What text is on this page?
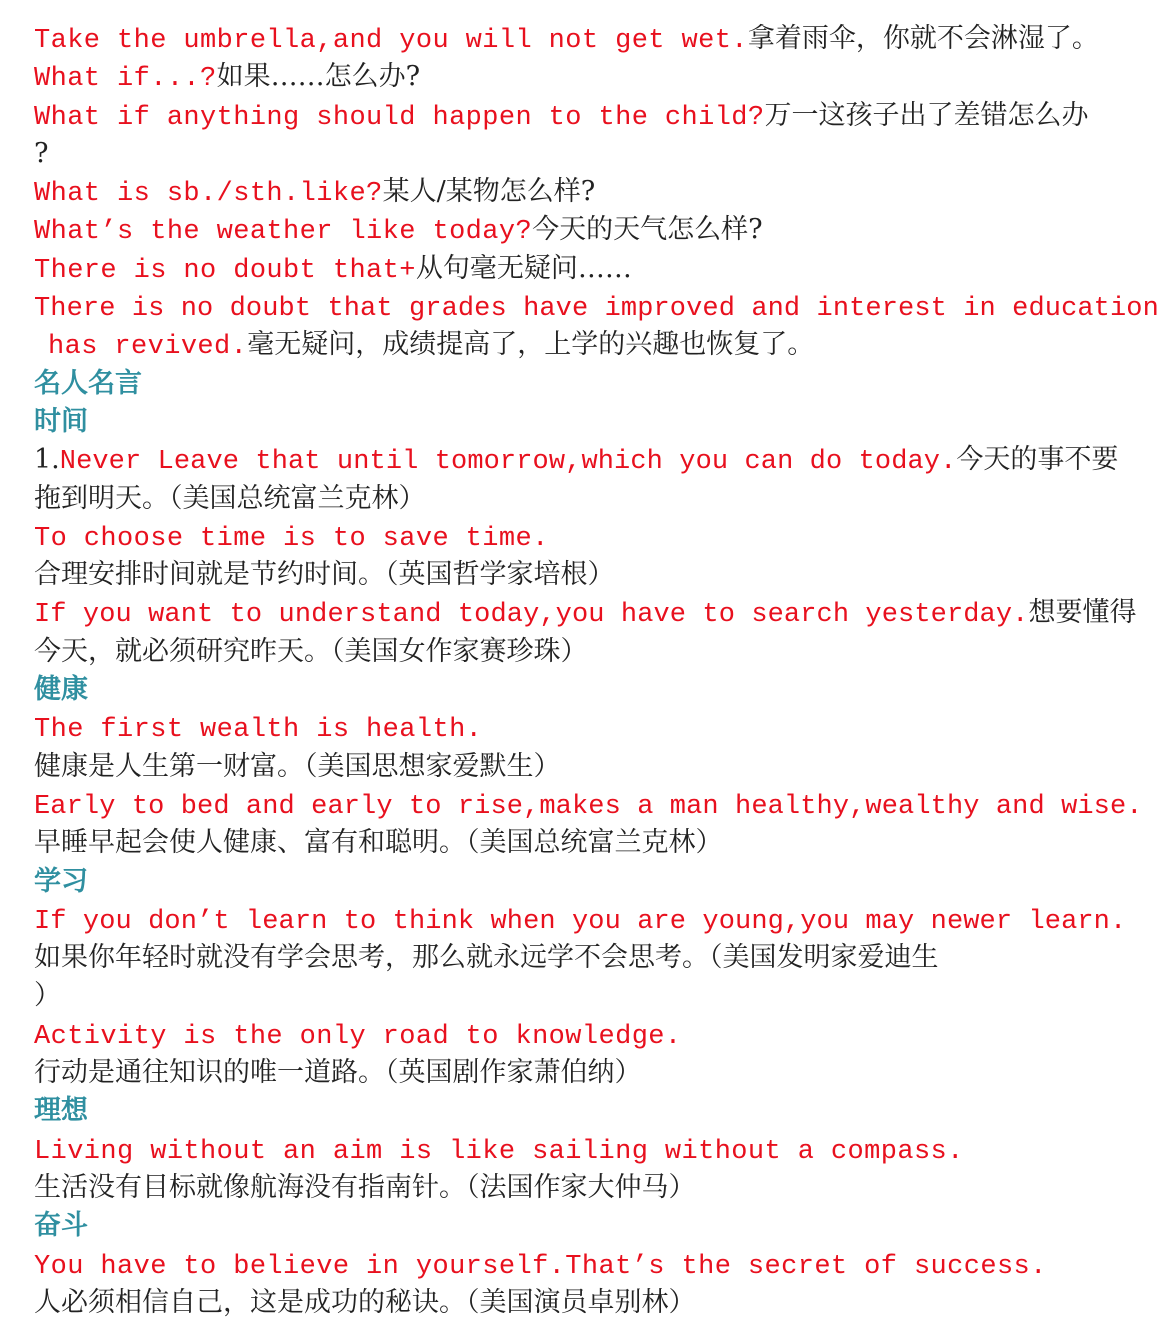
Take the umbrella,and you will not get wet.拿着雨伞，你就不会淋湿了。
What if...?如果……怎么办?
What if anything should happen to the child?万一这孩子出了差错怎么办
?
What is sb./sth.like?某人/某物怎么样?
What’s the weather like today?今天的天气怎么样?
There is no doubt that+从句毫无疑问……
There is no doubt that grades have improved and interest in education
has revived.毫无疑问，成绩提高了，上学的兴趣也恢复了。
名人名言
时间
1.Never Leave that until tomorrow,which you can do today.今天的事不要
拖到明天。（美国总统富兰克林）
To choose time is to save time.
合理安排时间就是节约时间。（英国哲学家培根）
If you want to understand today,you have to search yesterday.想要懂得
今天，就必须研究昨天。（美国女作家赛珍珠）
健康
The first wealth is health.
健康是人生第一财富。（美国思想家爱默生）
Early to bed and early to rise,makes a man healthy,wealthy and wise.
早睡早起会使人健康、富有和聪明。（美国总统富兰克林）
学习
If you don’t learn to think when you are young,you may newer learn.
如果你年轻时就没有学会思考，那么就永远学不会思考。（美国发明家爱迪生
）
Activity is the only road to knowledge.
行动是通往知识的唯一道路。（英国剧作家萧伯纳）
理想
Living without an aim is like sailing without a compass.
生活没有目标就像航海没有指南针。（法国作家大仲马）
奋斗
You have to believe in yourself.That’s the secret of success.
人必须相信自己，这是成功的秘诀。（美国演员卓别林）
